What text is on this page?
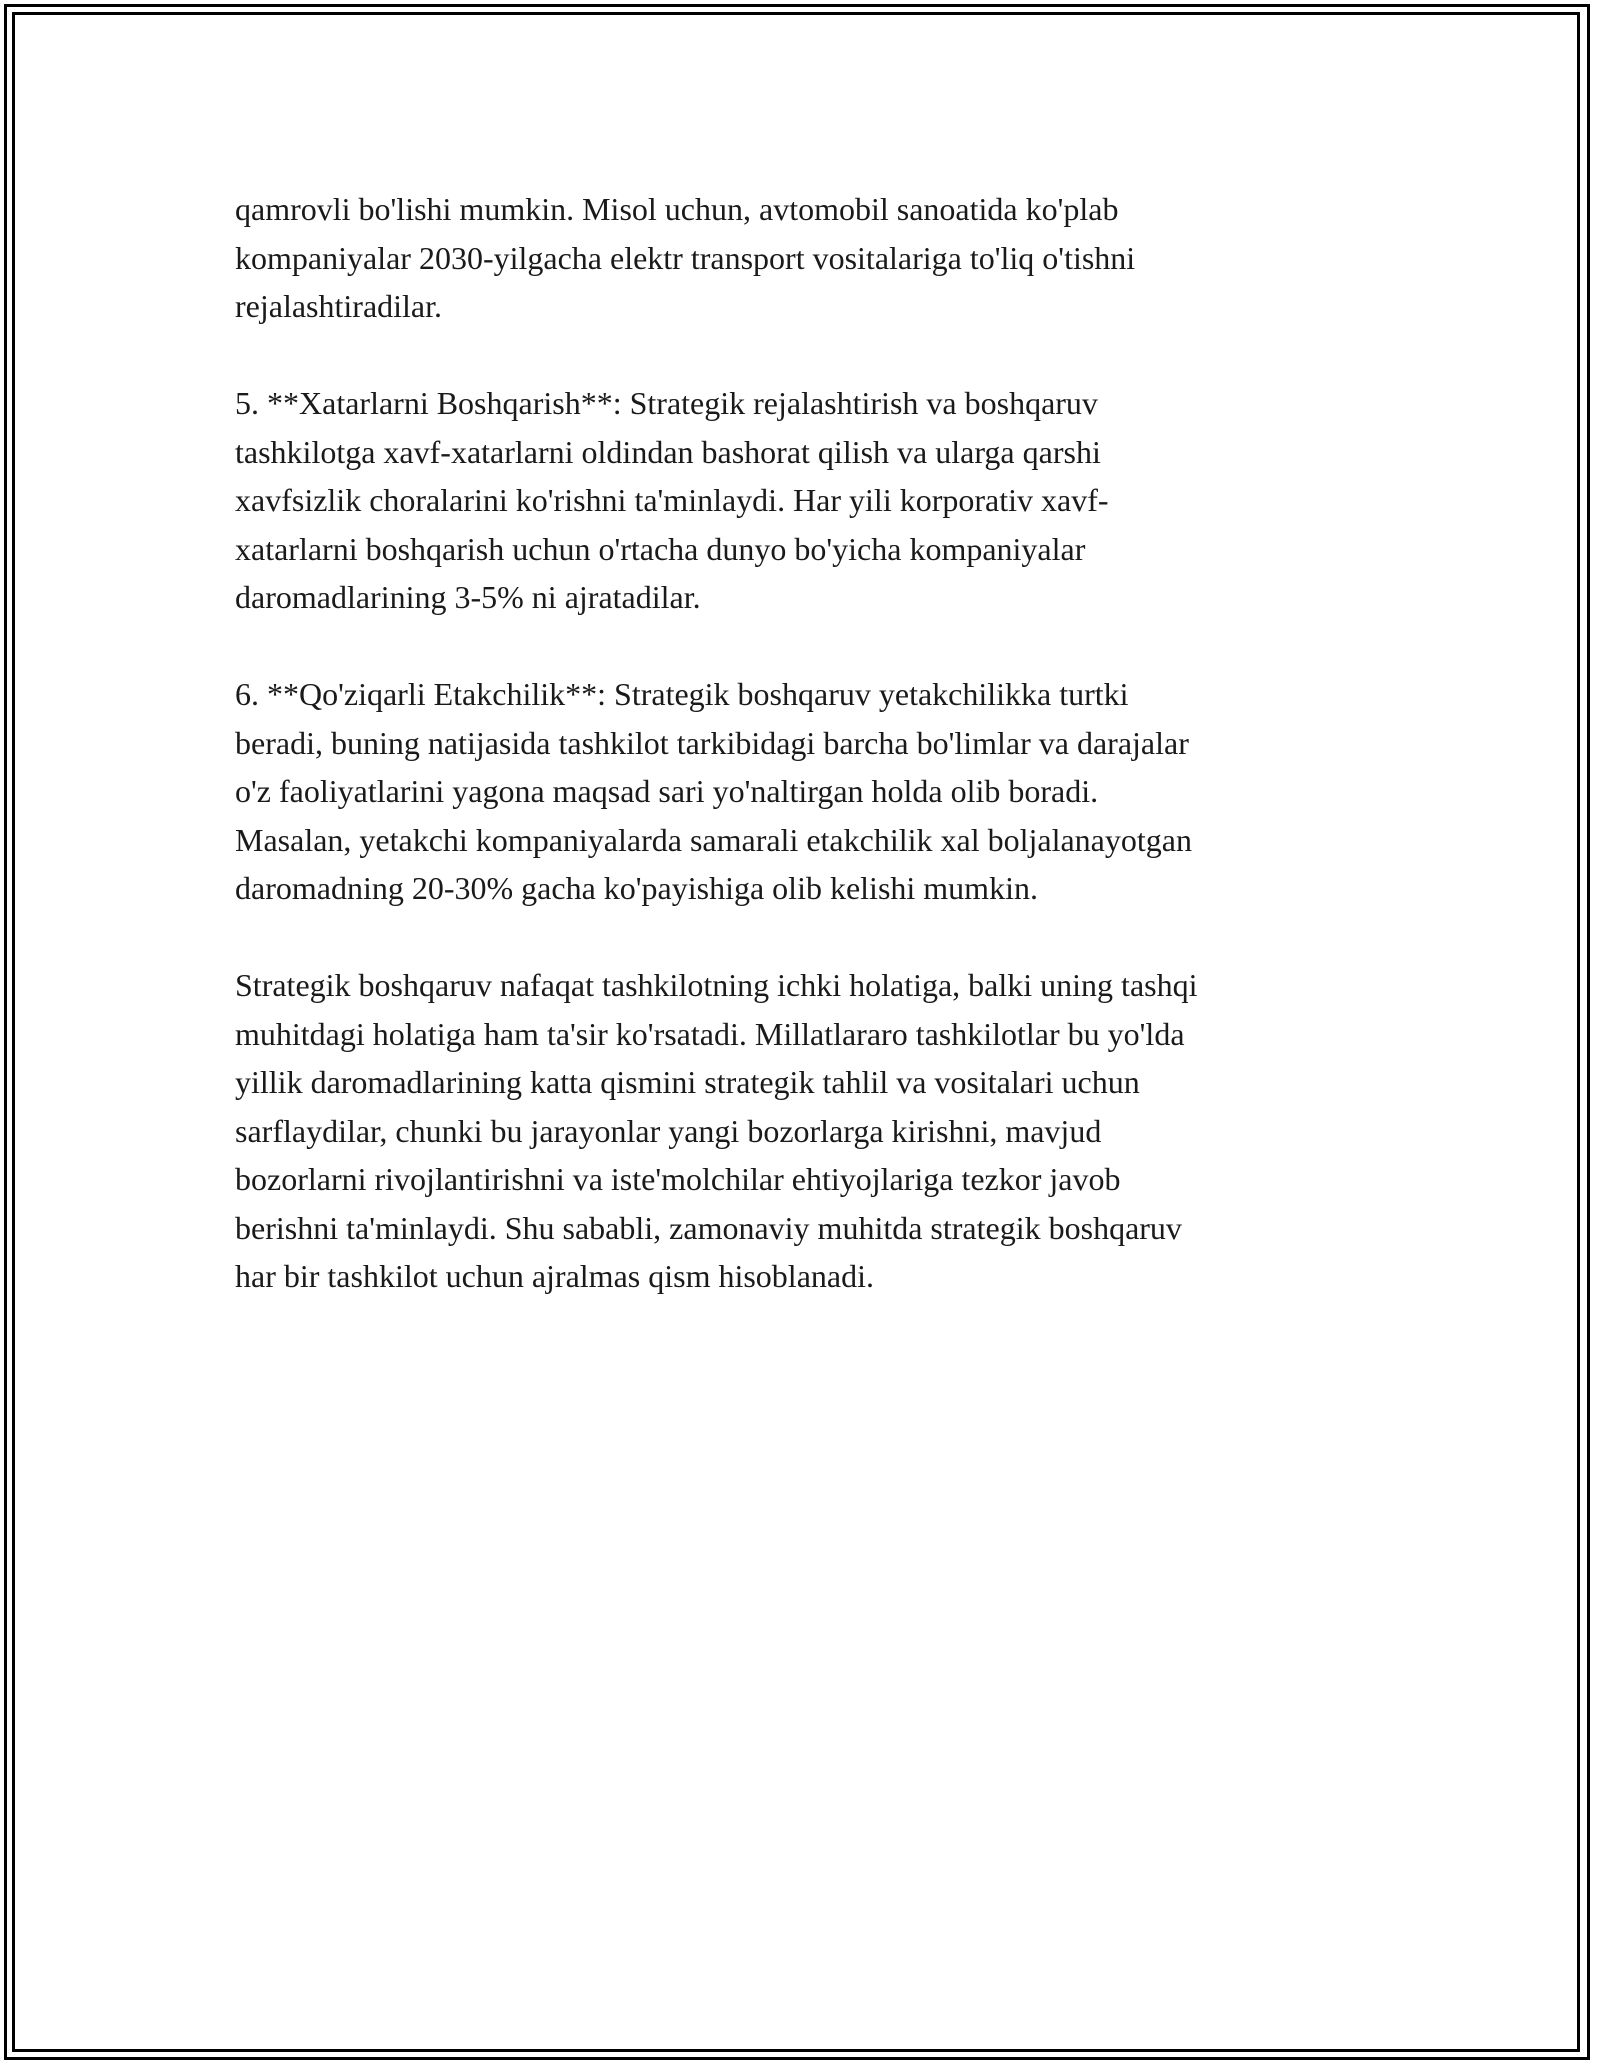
qamrovli bo'lishi mumkin. Misol uchun, avtomobil sanoatida ko'plab
kompaniyalar 2030-yilgacha elektr transport vositalariga to'liq o'tishni
rejalashtiradilar.

5. **Xatarlarni Boshqarish**: Strategik rejalashtirish va boshqaruv
tashkilotga xavf-xatarlarni oldindan bashorat qilish va ularga qarshi
xavfsizlik choralarini ko'rishni ta'minlaydi. Har yili korporativ xavf-
xatarlarni boshqarish uchun o'rtacha dunyo bo'yicha kompaniyalar
daromadlarining 3-5% ni ajratadilar.

6. **Qo'ziqarli Etakchilik**: Strategik boshqaruv yetakchilikka turtki
beradi, buning natijasida tashkilot tarkibidagi barcha bo'limlar va darajalar
o'z faoliyatlarini yagona maqsad sari yo'naltirgan holda olib boradi.
Masalan, yetakchi kompaniyalarda samarali etakchilik xal boljalanayotgan
daromadning 20-30% gacha ko'payishiga olib kelishi mumkin.

Strategik boshqaruv nafaqat tashkilotning ichki holatiga, balki uning tashqi
muhitdagi holatiga ham ta'sir ko'rsatadi. Millatlararo tashkilotlar bu yo'lda
yillik daromadlarining katta qismini strategik tahlil va vositalari uchun
sarflaydilar, chunki bu jarayonlar yangi bozorlarga kirishni, mavjud
bozorlarni rivojlantirishni va iste'molchilar ehtiyojlariga tezkor javob
berishni ta'minlaydi. Shu sababli, zamonaviy muhitda strategik boshqaruv
har bir tashkilot uchun ajralmas qism hisoblanadi.
